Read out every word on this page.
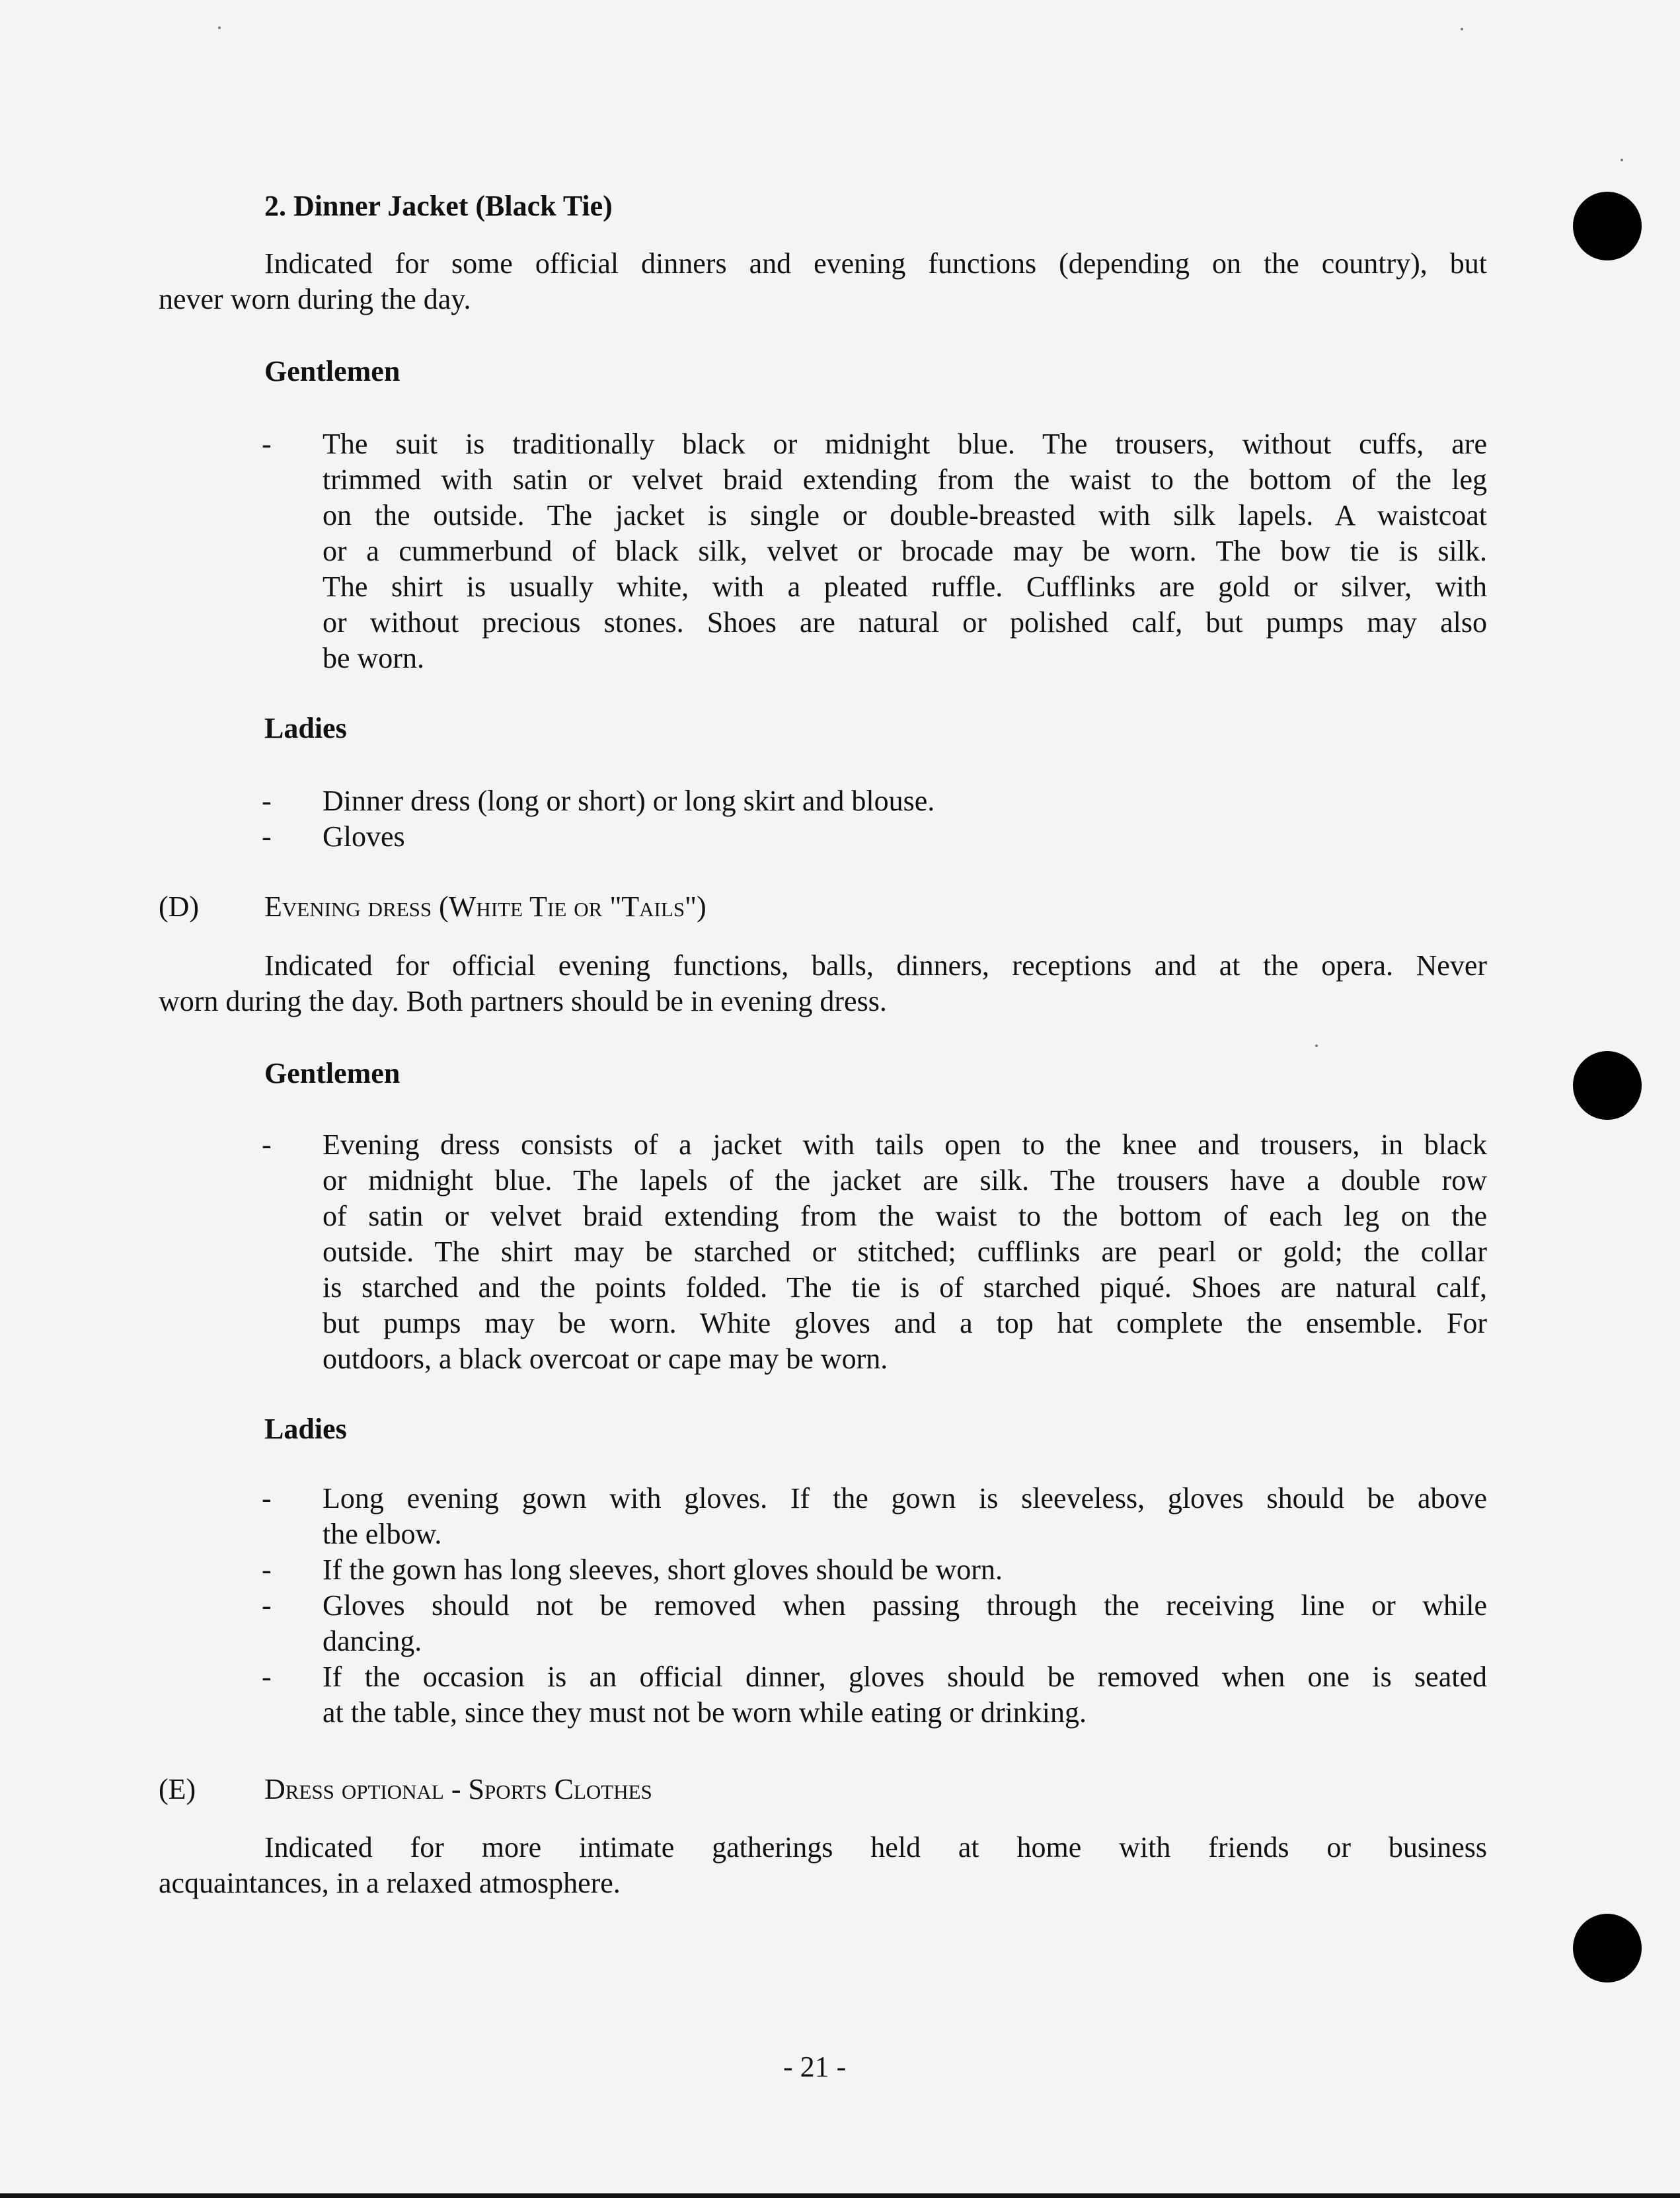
2. Dinner Jacket (Black Tie)
Indicated for some official dinners and evening functions (depending on the country), but
never worn during the day.
Gentlemen
- The suit is traditionally black or midnight blue. The trousers, without cuffs, are
trimmed with satin or velvet braid extending from the waist to the bottom of the leg
on the outside. The jacket is single or double-breasted with silk lapels. A waistcoat
or a cummerbund of black silk, velvet or brocade may be worn. The bow tie is silk.
The shirt is usually white, with a pleated ruffle. Cufflinks are gold or silver, with
or without precious stones. Shoes are natural or polished calf, but pumps may also
be worn.
Ladies
- Dinner dress (long or short) or long skirt and blouse.
- Gloves
(D) Evening dress (White Tie or "Tails")
Indicated for official evening functions, balls, dinners, receptions and at the opera. Never
worn during the day. Both partners should be in evening dress.
Gentlemen
- Evening dress consists of a jacket with tails open to the knee and trousers, in black
or midnight blue. The lapels of the jacket are silk. The trousers have a double row
of satin or velvet braid extending from the waist to the bottom of each leg on the
outside. The shirt may be starched or stitched; cufflinks are pearl or gold; the collar
is starched and the points folded. The tie is of starched piqué. Shoes are natural calf,
but pumps may be worn. White gloves and a top hat complete the ensemble. For
outdoors, a black overcoat or cape may be worn.
Ladies
- Long evening gown with gloves. If the gown is sleeveless, gloves should be above
the elbow.
- If the gown has long sleeves, short gloves should be worn.
- Gloves should not be removed when passing through the receiving line or while
dancing.
- If the occasion is an official dinner, gloves should be removed when one is seated
at the table, since they must not be worn while eating or drinking.
(E) Dress optional - Sports Clothes
Indicated for more intimate gatherings held at home with friends or business
acquaintances, in a relaxed atmosphere.
- 21 -
